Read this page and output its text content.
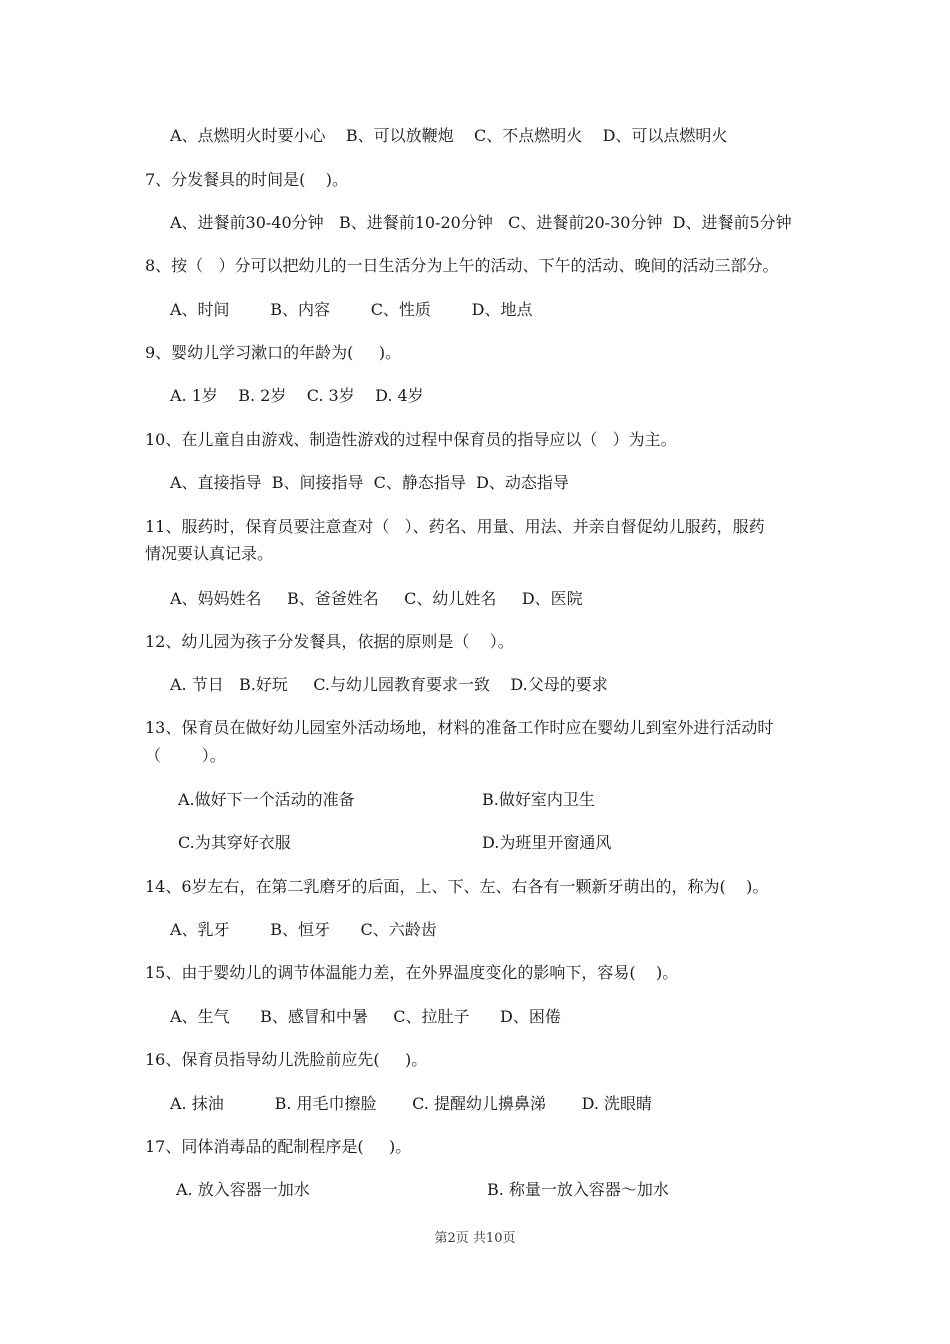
A、点燃明火时要小心    B、可以放鞭炮    C、不点燃明火    D、可以点燃明火
7、分发餐具的时间是(    )。
A、进餐前30-40分钟   B、进餐前10-20分钟   C、进餐前20-30分钟  D、进餐前5分钟
8、按（   ）分可以把幼儿的一日生活分为上午的活动、下午的活动、晚间的活动三部分。
A、时间        B、内容        C、性质        D、地点
9、婴幼儿学习漱口的年龄为(     )。
A. 1岁    B. 2岁    C. 3岁    D. 4岁
10、在儿童自由游戏、制造性游戏的过程中保育员的指导应以（   ）为主。
A、直接指导  B、间接指导  C、静态指导  D、动态指导
11、服药时，保育员要注意查对（   ）、药名、用量、用法、并亲自督促幼儿服药，服药
情况要认真记录。
A、妈妈姓名     B、爸爸姓名     C、幼儿姓名     D、医院
12、幼儿园为孩子分发餐具，依据的原则是（    ）。
A. 节日   B.好玩     C.与幼儿园教育要求一致    D.父母的要求
13、保育员在做好幼儿园室外活动场地，材料的准备工作时应在婴幼儿到室外进行活动时
（        ）。
A.做好下一个活动的准备	B.做好室内卫生
C.为其穿好衣服	D.为班里开窗通风
14、6岁左右，在第二乳磨牙的后面，上、下、左、右各有一颗新牙萌出的，称为(    )。
A、乳牙        B、恒牙      C、六龄齿
15、由于婴幼儿的调节体温能力差，在外界温度变化的影响下，容易(    )。
A、生气      B、感冒和中暑     C、拉肚子      D、困倦
16、保育员指导幼儿洗脸前应先(     )。
A. 抹油          B. 用毛巾擦脸       C. 提醒幼儿擤鼻涕       D. 洗眼睛
17、同体消毒品的配制程序是(     )。
A. 放入容器一加水	B. 称量一放入容器～加水
第2页 共10页
